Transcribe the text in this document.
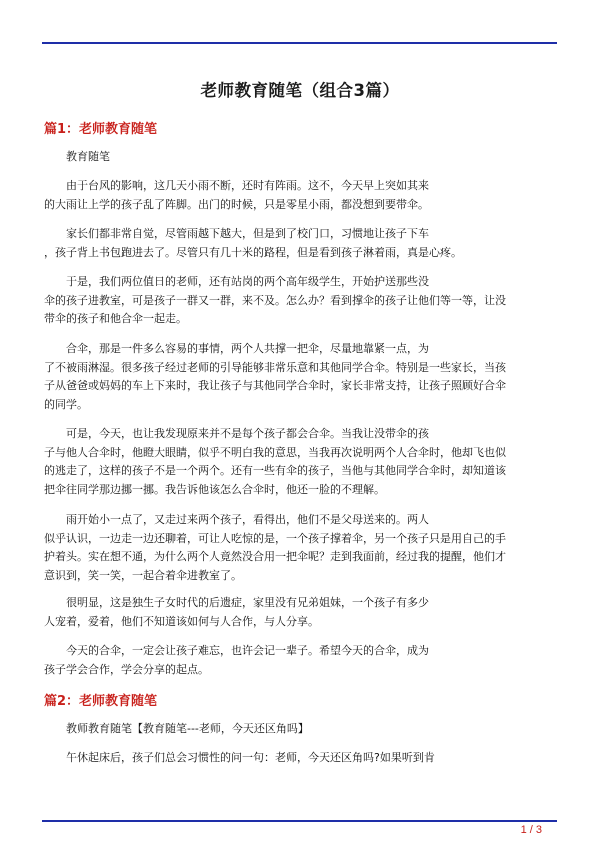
老师教育随笔（组合3篇）
篇1：老师教育随笔
　　教育随笔
　　由于台风的影响，这几天小雨不断，还时有阵雨。这不，今天早上突如其来
的大雨让上学的孩子乱了阵脚。出门的时候，只是零星小雨，都没想到要带伞。
　　家长们都非常自觉，尽管雨越下越大，但是到了校门口，习惯地让孩子下车
，孩子背上书包跑进去了。尽管只有几十米的路程，但是看到孩子淋着雨，真是心疼。
　　于是，我们两位值日的老师，还有站岗的两个高年级学生，开始护送那些没
伞的孩子进教室，可是孩子一群又一群，来不及。怎么办？看到撑伞的孩子让他们等一等，让没
带伞的孩子和他合伞一起走。
　　合伞，那是一件多么容易的事情，两个人共撑一把伞，尽量地靠紧一点，为
了不被雨淋湿。很多孩子经过老师的引导能够非常乐意和其他同学合伞。特别是一些家长，当孩
子从爸爸或妈妈的车上下来时，我让孩子与其他同学合伞时，家长非常支持，让孩子照顾好合伞
的同学。
　　可是，今天，也让我发现原来并不是每个孩子都会合伞。当我让没带伞的孩
子与他人合伞时，他瞪大眼睛，似乎不明白我的意思，当我再次说明两个人合伞时，他却飞也似
的逃走了，这样的孩子不是一个两个。还有一些有伞的孩子，当他与其他同学合伞时，却知道该
把伞往同学那边挪一挪。我告诉他该怎么合伞时，他还一脸的不理解。
　　雨开始小一点了，又走过来两个孩子，看得出，他们不是父母送来的。两人
似乎认识，一边走一边还聊着，可让人吃惊的是，一个孩子撑着伞，另一个孩子只是用自己的手
护着头。实在想不通，为什么两个人竟然没合用一把伞呢？走到我面前，经过我的提醒，他们才
意识到，笑一笑，一起合着伞进教室了。
　　很明显，这是独生子女时代的后遗症，家里没有兄弟姐妹，一个孩子有多少
人宠着，爱着，他们不知道该如何与人合作，与人分享。
　　今天的合伞，一定会让孩子难忘，也许会记一辈子。希望今天的合伞，成为
孩子学会合作，学会分享的起点。
篇2：老师教育随笔
　　教师教育随笔【教育随笔---老师，今天还区角吗】
　　午休起床后，孩子们总会习惯性的问一句：老师，今天还区角吗?如果听到肯
1 / 3
